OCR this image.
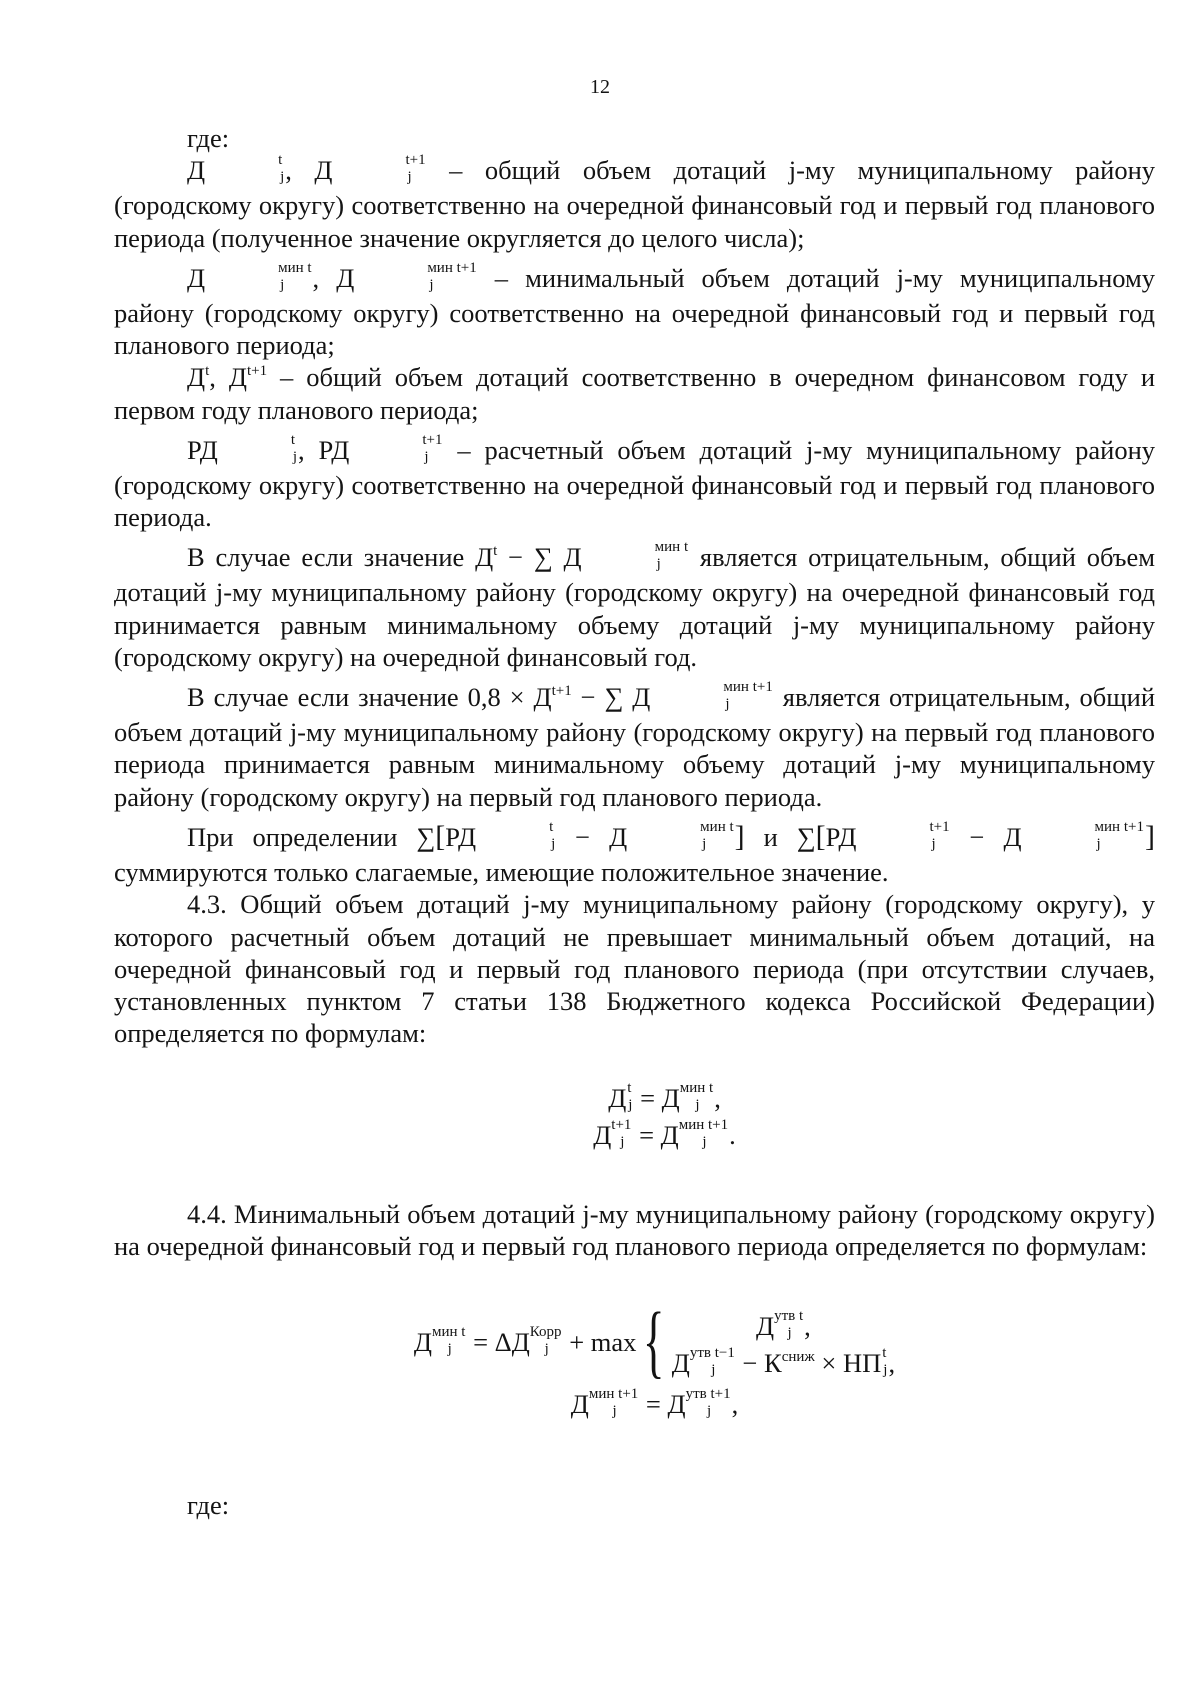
12

где:

Д	t
j , Д	t+1
j – общий объем дотаций j-му муниципальному району (городскому округу) соответственно на очередной финансовый год и первый год планового периода (полученное значение округляется до целого числа);

Д	мин t
j	, Д	мин t+1
j	– минимальный объем дотаций j-му муниципальному району (городскому округу) соответственно на очередной финансовый год и первый год планового периода;

$Д^t$, $Д^{t+1}$ – общий объем дотаций соответственно в очередном финансовом году и первом году планового периода;

РД	t
j , РД	t+1
j – расчетный объем дотаций j-му муниципальному району (городскому округу) соответственно на очередной финансовый год и первый год планового периода.

В случае если значение $Д^t$ − ∑ Д	мин t
j	является отрицательным, общий объем дотаций j-му муниципальному району (городскому округу) на очередной финансовый год принимается равным минимальному объему дотаций j-му муниципальному району (городскому округу) на очередной финансовый год.

В случае если значение $0,8 \times Д^{t+1}$ − ∑ Д	мин t+1
j	является отрицательным, общий объем дотаций j-му муниципальному району (городскому округу) на первый год планового периода принимается равным минимальному объему дотаций j-му муниципальному району (городскому округу) на первый год планового периода.

При определении ∑[РД	t
j − Д	мин t
j ] и ∑[РД	t+1
j − Д	мин t+1
j	] суммируются только слагаемые, имеющие положительное значение.

4.3. Общий объем дотаций j-му муниципальному району (городскому округу), у которого расчетный объем дотаций не превышает минимальный объем дотаций, на очередной финансовый год и первый год планового периода (при отсутствии случаев, установленных пунктом 7 статьи 138 Бюджетного кодекса Российской Федерации) определяется по формулам:

Д t
j = Д мин t
j ,
Д t+1
j = Д мин t+1
j .

4.4. Минимальный объем дотаций j-му муниципальному району (городскому округу) на очередной финансовый год и первый год планового периода определяется по формулам:

Д мин t
j = ΔД Корр
j + max {	Д утв t
j ,
Д утв t−1
$j - К^{сниж}$ × НП t
j ,
Д мин t+1
j = Д утв t+1
j ,

где:
